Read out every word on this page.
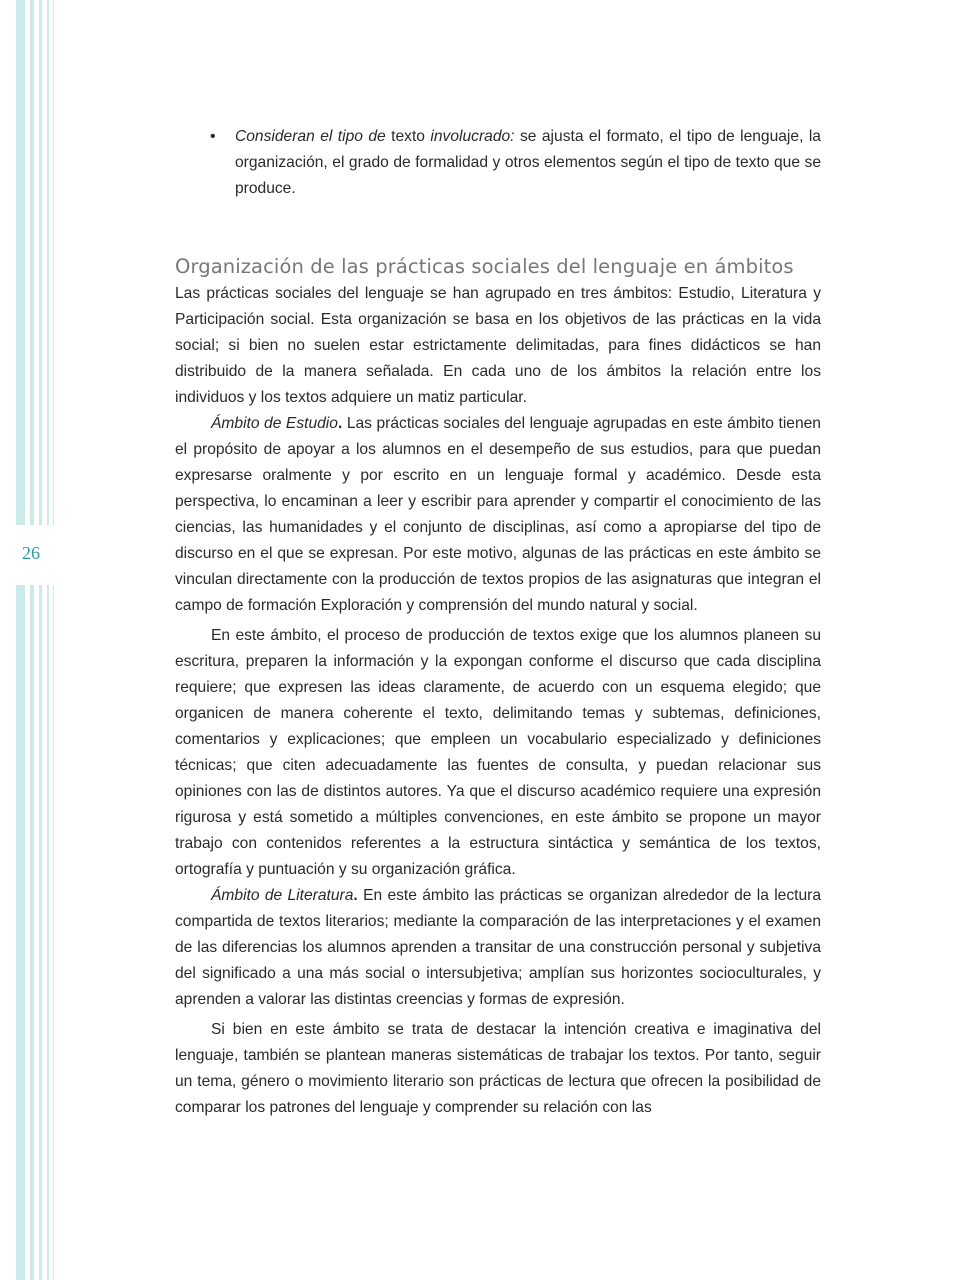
26

• Consideran el tipo de texto involucrado: se ajusta el formato, el tipo de lenguaje, la organización, el grado de formalidad y otros elementos según el tipo de texto que se produce.

Organización de las prácticas sociales del lenguaje en ámbitos

Las prácticas sociales del lenguaje se han agrupado en tres ámbitos: Estudio, Literatura y Participación social. Esta organización se basa en los objetivos de las prácticas en la vida social; si bien no suelen estar estrictamente delimitadas, para fines didácticos se han distribuido de la manera señalada. En cada uno de los ámbitos la relación entre los individuos y los textos adquiere un matiz particular.

Ámbito de Estudio. Las prácticas sociales del lenguaje agrupadas en este ámbito tienen el propósito de apoyar a los alumnos en el desempeño de sus estudios, para que puedan expresarse oralmente y por escrito en un lenguaje formal y académico. Desde esta perspectiva, lo encaminan a leer y escribir para aprender y compartir el conocimiento de las ciencias, las humanidades y el conjunto de disciplinas, así como a apropiarse del tipo de discurso en el que se expresan. Por este motivo, algunas de las prácticas en este ámbito se vinculan directamente con la producción de textos propios de las asignaturas que integran el campo de formación Exploración y comprensión del mundo natural y social.

En este ámbito, el proceso de producción de textos exige que los alumnos planeen su escritura, preparen la información y la expongan conforme el discurso que cada disciplina requiere; que expresen las ideas claramente, de acuerdo con un esquema elegido; que organicen de manera coherente el texto, delimitando temas y subtemas, definiciones, comentarios y explicaciones; que empleen un vocabulario especializado y definiciones técnicas; que citen adecuadamente las fuentes de consulta, y puedan relacionar sus opiniones con las de distintos autores. Ya que el discurso académico requiere una expresión rigurosa y está sometido a múltiples convenciones, en este ámbito se propone un mayor trabajo con contenidos referentes a la estructura sintáctica y semántica de los textos, ortografía y puntuación y su organización gráfica.

Ámbito de Literatura. En este ámbito las prácticas se organizan alrededor de la lectura compartida de textos literarios; mediante la comparación de las interpretaciones y el examen de las diferencias los alumnos aprenden a transitar de una construcción personal y subjetiva del significado a una más social o intersubjetiva; amplían sus horizontes socioculturales, y aprenden a valorar las distintas creencias y formas de expresión.

Si bien en este ámbito se trata de destacar la intención creativa e imaginativa del lenguaje, también se plantean maneras sistemáticas de trabajar los textos. Por tanto, seguir un tema, género o movimiento literario son prácticas de lectura que ofrecen la posibilidad de comparar los patrones del lenguaje y comprender su relación con las
